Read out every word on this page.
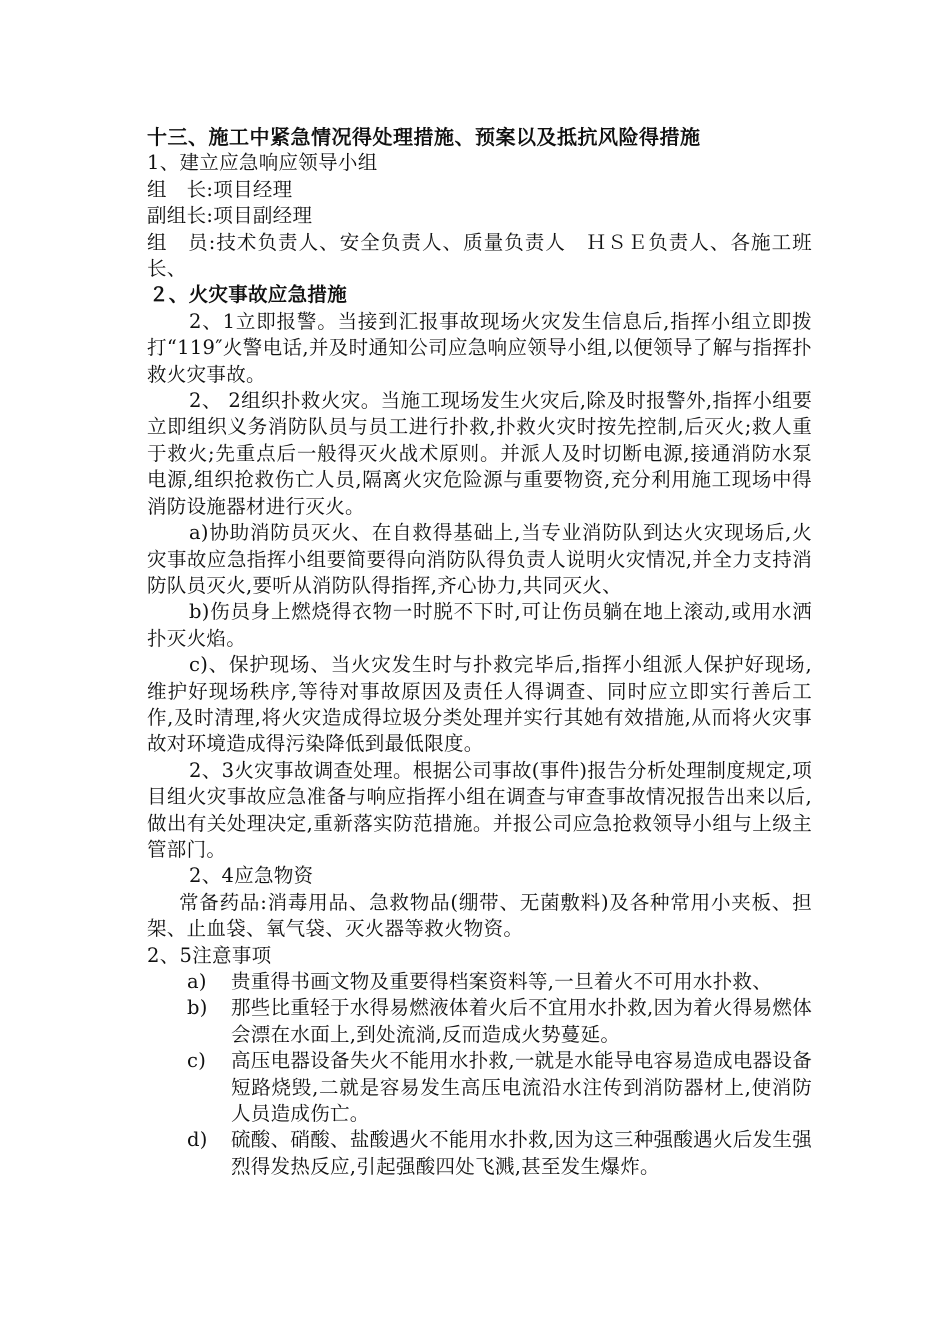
十三、施工中紧急情况得处理措施、预案以及抵抗风险得措施

1、建立应急响应领导小组

组　长:项目经理

副组长:项目副经理

组　员:技术负责人、安全负责人、质量负责人　ＨＳＥ负责人、各施工班长、

２、火灾事故应急措施

2、1立即报警。当接到汇报事故现场火灾发生信息后,指挥小组立即拨打“119″火警电话,并及时通知公司应急响应领导小组,以便领导了解与指挥扑救火灾事故。

2、 2组织扑救火灾。当施工现场发生火灾后,除及时报警外,指挥小组要立即组织义务消防队员与员工进行扑救,扑救火灾时按先控制,后灭火;救人重于救火;先重点后一般得灭火战术原则。并派人及时切断电源,接通消防水泵电源,组织抢救伤亡人员,隔离火灾危险源与重要物资,充分利用施工现场中得消防设施器材进行灭火。

a)协助消防员灭火、在自救得基础上,当专业消防队到达火灾现场后,火灾事故应急指挥小组要简要得向消防队得负责人说明火灾情况,并全力支持消防队员灭火,要听从消防队得指挥,齐心协力,共同灭火、

b)伤员身上燃烧得衣物一时脱不下时,可让伤员躺在地上滚动,或用水洒扑灭火焰。

c)、保护现场、当火灾发生时与扑救完毕后,指挥小组派人保护好现场,维护好现场秩序,等待对事故原因及责任人得调查、同时应立即实行善后工作,及时清理,将火灾造成得垃圾分类处理并实行其她有效措施,从而将火灾事故对环境造成得污染降低到最低限度。

2、3火灾事故调查处理。根据公司事故(事件)报告分析处理制度规定,项目组火灾事故应急准备与响应指挥小组在调查与审查事故情况报告出来以后,做出有关处理决定,重新落实防范措施。并报公司应急抢救领导小组与上级主管部门。

2、4应急物资

常备药品:消毒用品、急救物品(绷带、无菌敷料)及各种常用小夹板、担架、止血袋、氧气袋、灭火器等救火物资。

2、5注意事项

a)	贵重得书画文物及重要得档案资料等,一旦着火不可用水扑救、
b)	那些比重轻于水得易燃液体着火后不宜用水扑救,因为着火得易燃体会漂在水面上,到处流淌,反而造成火势蔓延。
c)	高压电器设备失火不能用水扑救,一就是水能导电容易造成电器设备短路烧毁,二就是容易发生高压电流沿水注传到消防器材上,使消防人员造成伤亡。
d)	硫酸、硝酸、盐酸遇火不能用水扑救,因为这三种强酸遇火后发生强烈得发热反应,引起强酸四处飞溅,甚至发生爆炸。
